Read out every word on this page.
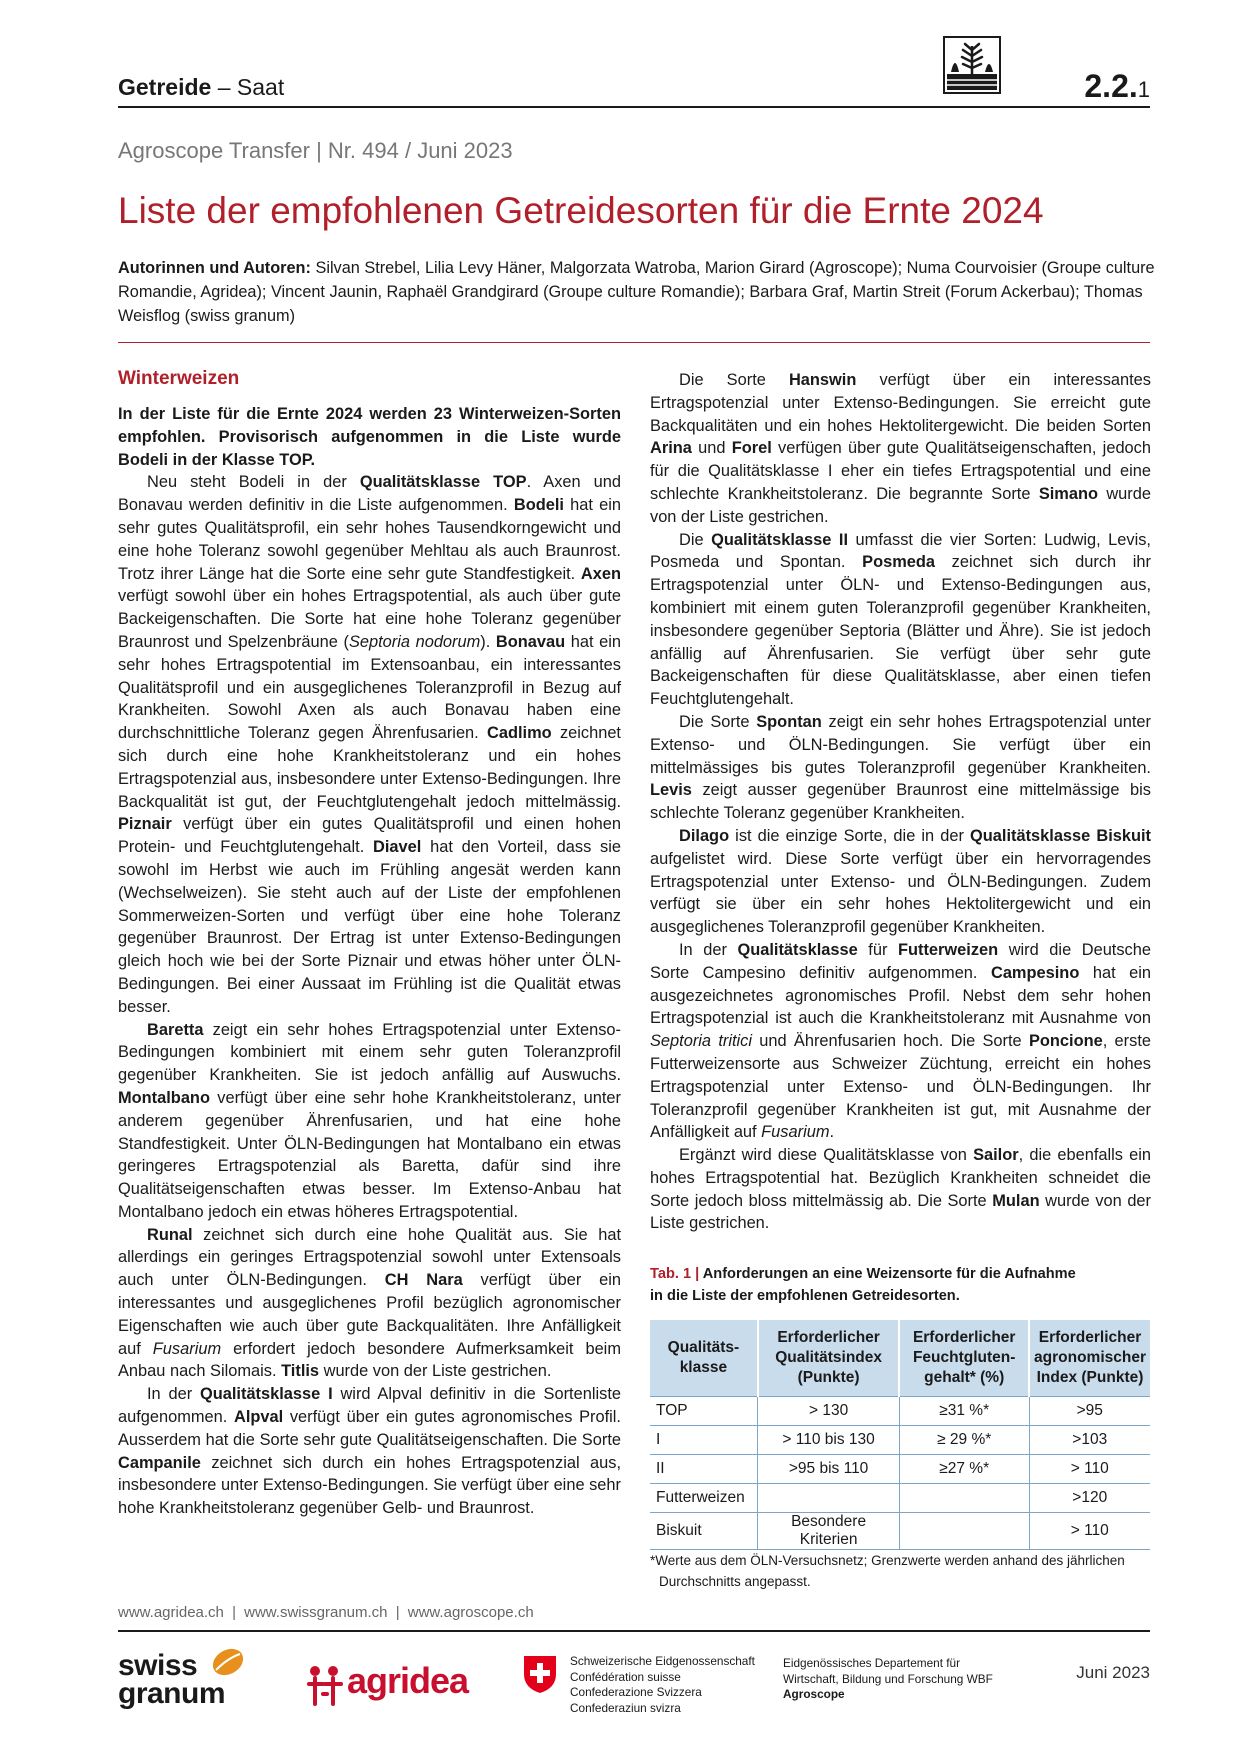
Getreide – Saat	2.2.1
Agroscope Transfer | Nr. 494 / Juni 2023
Liste der empfohlenen Getreidesorten für die Ernte 2024
Autorinnen und Autoren: Silvan Strebel, Lilia Levy Häner, Malgorzata Watroba, Marion Girard (Agroscope); Numa Courvoisier (Groupe culture Romandie, Agridea); Vincent Jaunin, Raphaël Grandgirard (Groupe culture Romandie); Barbara Graf, Martin Streit (Forum Ackerbau); Thomas Weisflog (swiss granum)
Winterweizen

In der Liste für die Ernte 2024 werden 23 Winterweizen-Sorten empfohlen. Provisorisch aufgenommen in die Liste wurde Bodeli in der Klasse TOP.

Neu steht Bodeli in der Qualitätsklasse TOP. Axen und Bonavau werden definitiv in die Liste aufgenommen. Bodeli hat ein sehr gutes Qualitätsprofil, ein sehr hohes Tausendkorngewicht und eine hohe Toleranz sowohl gegenüber Mehltau als auch Braunrost. Trotz ihrer Länge hat die Sorte eine sehr gute Standfestigkeit. Axen verfügt sowohl über ein hohes Ertragspotential, als auch über gute Backeigenschaften. Die Sorte hat eine hohe Toleranz gegenüber Braunrost und Spelzenbräune (Septoria nodorum). Bonavau hat ein sehr hohes Ertragspotential im Extensoanbau, ein interessantes Qualitätsprofil und ein ausgeglichenes Toleranzprofil in Bezug auf Krankheiten. Sowohl Axen als auch Bonavau haben eine durchschnittliche Toleranz gegen Ährenfusarien. Cadlimo zeichnet sich durch eine hohe Krankheitstoleranz und ein hohes Ertragspotenzial aus, insbesondere unter Extenso-Bedingungen. Ihre Backqualität ist gut, der Feuchtglutengehalt jedoch mittelmässig. Piznair verfügt über ein gutes Qualitätsprofil und einen hohen Protein- und Feuchtglutengehalt. Diavel hat den Vorteil, dass sie sowohl im Herbst wie auch im Frühling angesät werden kann (Wechselweizen). Sie steht auch auf der Liste der empfohlenen Sommerweizen-Sorten und verfügt über eine hohe Toleranz gegenüber Braunrost. Der Ertrag ist unter Extenso-Bedingungen gleich hoch wie bei der Sorte Piznair und etwas höher unter ÖLN-Bedingungen. Bei einer Aussaat im Frühling ist die Qualität etwas besser.

Baretta zeigt ein sehr hohes Ertragspotenzial unter Extenso-Bedingungen kombiniert mit einem sehr guten Toleranzprofil gegenüber Krankheiten. Sie ist jedoch anfällig auf Auswuchs. Montalbano verfügt über eine sehr hohe Krankheitstoleranz, unter anderem gegenüber Ährenfusarien, und hat eine hohe Standfestigkeit. Unter ÖLN-Bedingungen hat Montalbano ein etwas geringeres Ertragspotenzial als Baretta, dafür sind ihre Qualitätseigenschaften etwas besser. Im Extenso-Anbau hat Montalbano jedoch ein etwas höheres Ertragspotential.

Runal zeichnet sich durch eine hohe Qualität aus. Sie hat allerdings ein geringes Ertragspotenzial sowohl unter Extensoals auch unter ÖLN-Bedingungen. CH Nara verfügt über ein interessantes und ausgeglichenes Profil bezüglich agronomischer Eigenschaften wie auch über gute Backqualitäten. Ihre Anfälligkeit auf Fusarium erfordert jedoch besondere Aufmerksamkeit beim Anbau nach Silomais. Titlis wurde von der Liste gestrichen.

In der Qualitätsklasse I wird Alpval definitiv in die Sortenliste aufgenommen. Alpval verfügt über ein gutes agronomisches Profil. Ausserdem hat die Sorte sehr gute Qualitätseigenschaften. Die Sorte Campanile zeichnet sich durch ein hohes Ertragspotenzial aus, insbesondere unter Extenso-Bedingungen. Sie verfügt über eine sehr hohe Krankheitstoleranz gegenüber Gelb- und Braunrost.

Die Sorte Hanswin verfügt über ein interessantes Ertragspotenzial unter Extenso-Bedingungen. Sie erreicht gute Backqualitäten und ein hohes Hektolitergewicht. Die beiden Sorten Arina und Forel verfügen über gute Qualitätseigenschaften, jedoch für die Qualitätsklasse I eher ein tiefes Ertragspotential und eine schlechte Krankheitstoleranz. Die begrannte Sorte Simano wurde von der Liste gestrichen.

Die Qualitätsklasse II umfasst die vier Sorten: Ludwig, Levis, Posmeda und Spontan. Posmeda zeichnet sich durch ihr Ertragspotenzial unter ÖLN- und Extenso-Bedingungen aus, kombiniert mit einem guten Toleranzprofil gegenüber Krankheiten, insbesondere gegenüber Septoria (Blätter und Ähre). Sie ist jedoch anfällig auf Ährenfusarien. Sie verfügt über sehr gute Backeigenschaften für diese Qualitätsklasse, aber einen tiefen Feuchtglutengehalt.

Die Sorte Spontan zeigt ein sehr hohes Ertragspotenzial unter Extenso- und ÖLN-Bedingungen. Sie verfügt über ein mittelmässiges bis gutes Toleranzprofil gegenüber Krankheiten. Levis zeigt ausser gegenüber Braunrost eine mittelmässige bis schlechte Toleranz gegenüber Krankheiten.

Dilago ist die einzige Sorte, die in der Qualitätsklasse Biskuit aufgelistet wird. Diese Sorte verfügt über ein hervorragendes Ertragspotenzial unter Extenso- und ÖLN-Bedingungen. Zudem verfügt sie über ein sehr hohes Hektolitergewicht und ein ausgeglichenes Toleranzprofil gegenüber Krankheiten.

In der Qualitätsklasse für Futterweizen wird die Deutsche Sorte Campesino definitiv aufgenommen. Campesino hat ein ausgezeichnetes agronomisches Profil. Nebst dem sehr hohen Ertragspotenzial ist auch die Krankheitstoleranz mit Ausnahme von Septoria tritici und Ährenfusarien hoch. Die Sorte Poncione, erste Futterweizensorte aus Schweizer Züchtung, erreicht ein hohes Ertragspotenzial unter Extenso- und ÖLN-Bedingungen. Ihr Toleranzprofil gegenüber Krankheiten ist gut, mit Ausnahme der Anfälligkeit auf Fusarium.

Ergänzt wird diese Qualitätsklasse von Sailor, die ebenfalls ein hohes Ertragspotential hat. Bezüglich Krankheiten schneidet die Sorte jedoch bloss mittelmässig ab. Die Sorte Mulan wurde von der Liste gestrichen.

Tab. 1 | Anforderungen an eine Weizensorte für die Aufnahme
in die Liste der empfohlenen Getreidesorten.
Qualitäts-
klasse	Erforderlicher
Qualitätsindex
(Punkte)	Erforderlicher
Feuchtgluten-
gehalt* (%)	Erforderlicher
agronomischer
Index (Punkte)
TOP	> 130	≥31 %*	>95
I	> 110 bis 130	≥ 29 %*	>103
II	>95 bis 110	≥27 %*	> 110
Futterweizen			>120
Biskuit	Besondere Kriterien		> 110
*Werte aus dem ÖLN-Versuchsnetz; Grenzwerte werden anhand des jährlichen
Durchschnitts angepasst.
www.agridea.ch | www.swissgranum.ch | www.agroscope.ch
swiss
granum	agridea	Schweizerische Eidgenossenschaft
Confédération suisse
Confederazione Svizzera
Confederaziun svizra
Eidgenössisches Departement für
Wirtschaft, Bildung und Forschung WBF
Agroscope
Juni 2023
